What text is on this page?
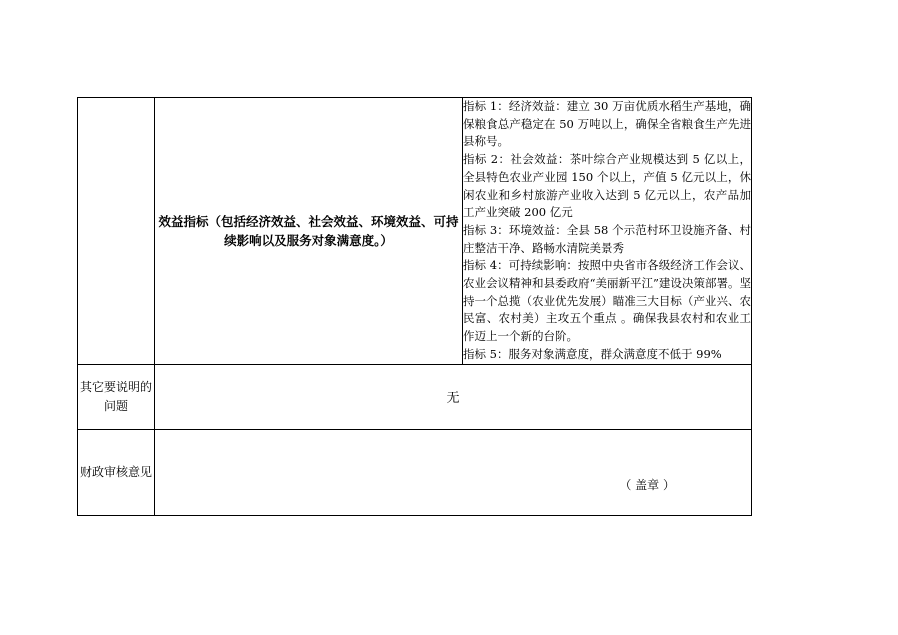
	效益指标（包括经济效益、社会效益、环境效益、可持续影响以及服务对象满意度。）	指标 1：经济效益：建立 30 万亩优质水稻生产基地，确保粮食总产稳定在 50 万吨以上，确保全省粮食生产先进县称号。

指标 2：社会效益：茶叶综合产业规模达到 5 亿以上，全县特色农业产业园 150 个以上，产值 5 亿元以上，休闲农业和乡村旅游产业收入达到 5 亿元以上，农产品加工产业突破 200 亿元

指标 3：环境效益：全县 58 个示范村环卫设施齐备、村庄整洁干净、路畅水清院美景秀

指标 4：可持续影响：按照中央省市各级经济工作会议、农业会议精神和县委政府“美丽新平江”建设决策部署。坚持一个总揽（农业优先发展）瞄准三大目标（产业兴、农民富、农村美）主攻五个重点 。确保我县农村和农业工作迈上一个新的台阶。

指标 5：服务对象满意度，群众满意度不低于 99%

其它要说明的问题	无	
财政审核意见	（ 盖章 ）	
